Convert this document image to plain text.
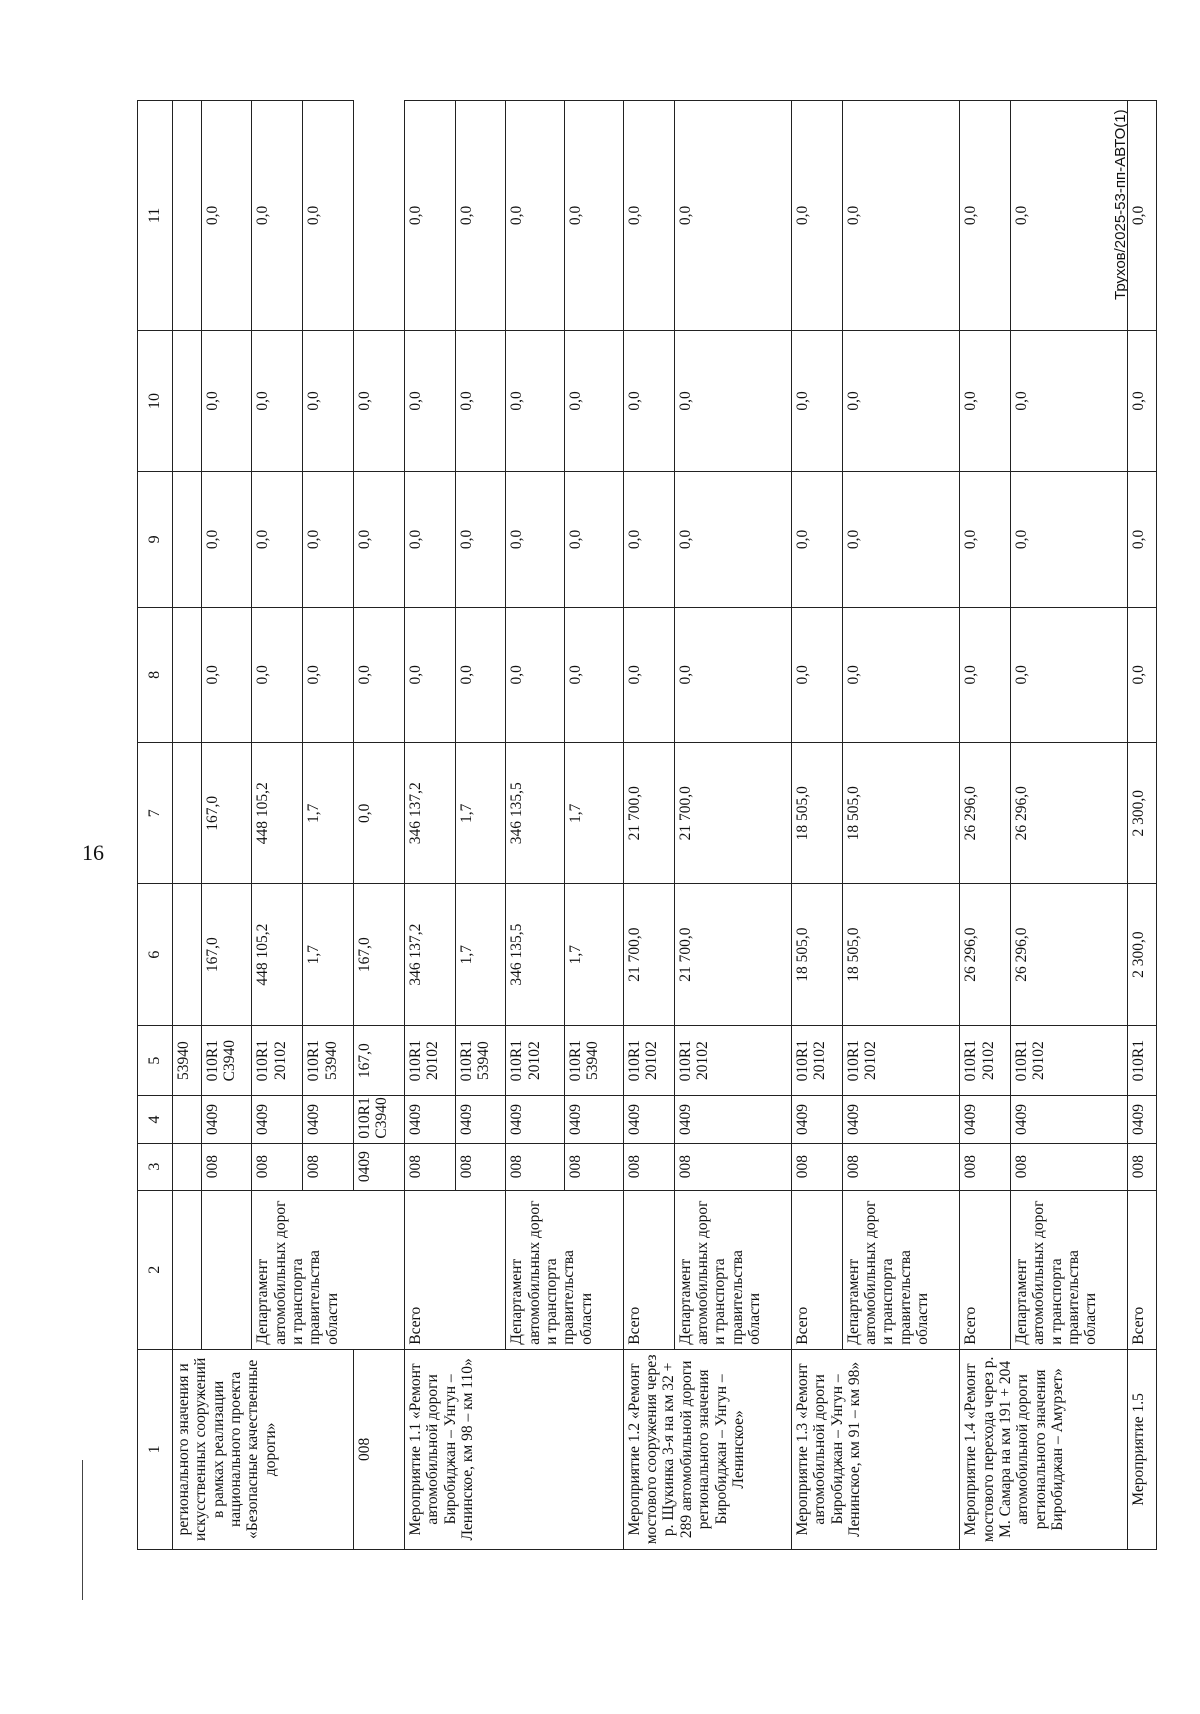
16
Трухов/2025-53-пп-АВТО(1)
1	2	3	4	5	6	7	8	9	10	11
регионального значения и искусственных сооружений в рамках реализации национального проекта «Безопасные качественные дороги»				53940						
		008	0409	010R1 С3940	167,0	167,0	0,0	0,0	0,0	0,0
	Департамент автомобильных дорог и транспорта правительства области	008	0409	010R1 20102	448 105,2	448 105,2	0,0	0,0	0,0	0,0
		008	0409	010R1 53940	1,7	1,7	0,0	0,0	0,0	0,0
008		0409	010R1 С3940	167,0	167,0	0,0	0,0	0,0	0,0	
Мероприятие 1.1 «Ремонт автомобильной дороги Биробиджан – Унгун – Ленинское, км 98 – км 110»	Всего	008	0409	010R1 20102	346 137,2	346 137,2	0,0	0,0	0,0	0,0
		008	0409	010R1 53940	1,7	1,7	0,0	0,0	0,0	0,0
	Департамент автомобильных дорог и транспорта правительства области	008	0409	010R1 20102	346 135,5	346 135,5	0,0	0,0	0,0	0,0
		008	0409	010R1 53940	1,7	1,7	0,0	0,0	0,0	0,0
Мероприятие 1.2 «Ремонт мостового сооружения через р. Щукинка 3-я на км 32 + 289 автомобильной дороги регионального значения Биробиджан – Унгун – Ленинское»	Всего	008	0409	010R1 20102	21 700,0	21 700,0	0,0	0,0	0,0	0,0
	Департамент автомобильных дорог и транспорта правительства области	008	0409	010R1 20102	21 700,0	21 700,0	0,0	0,0	0,0	0,0
Мероприятие 1.3 «Ремонт автомобильной дороги Биробиджан – Унгун – Ленинское, км 91 – км 98»	Всего	008	0409	010R1 20102	18 505,0	18 505,0	0,0	0,0	0,0	0,0
	Департамент автомобильных дорог и транспорта правительства области	008	0409	010R1 20102	18 505,0	18 505,0	0,0	0,0	0,0	0,0
Мероприятие 1.4 «Ремонт мостового перехода через р. М. Самара на км 191 + 204 автомобильной дороги регионального значения Биробиджан – Амурзет»	Всего	008	0409	010R1 20102	26 296,0	26 296,0	0,0	0,0	0,0	0,0
	Департамент автомобильных дорог и транспорта правительства области	008	0409	010R1 20102	26 296,0	26 296,0	0,0	0,0	0,0	0,0
Мероприятие 1.5	Всего	008	0409	010R1	2 300,0	2 300,0	0,0	0,0	0,0	0,0
